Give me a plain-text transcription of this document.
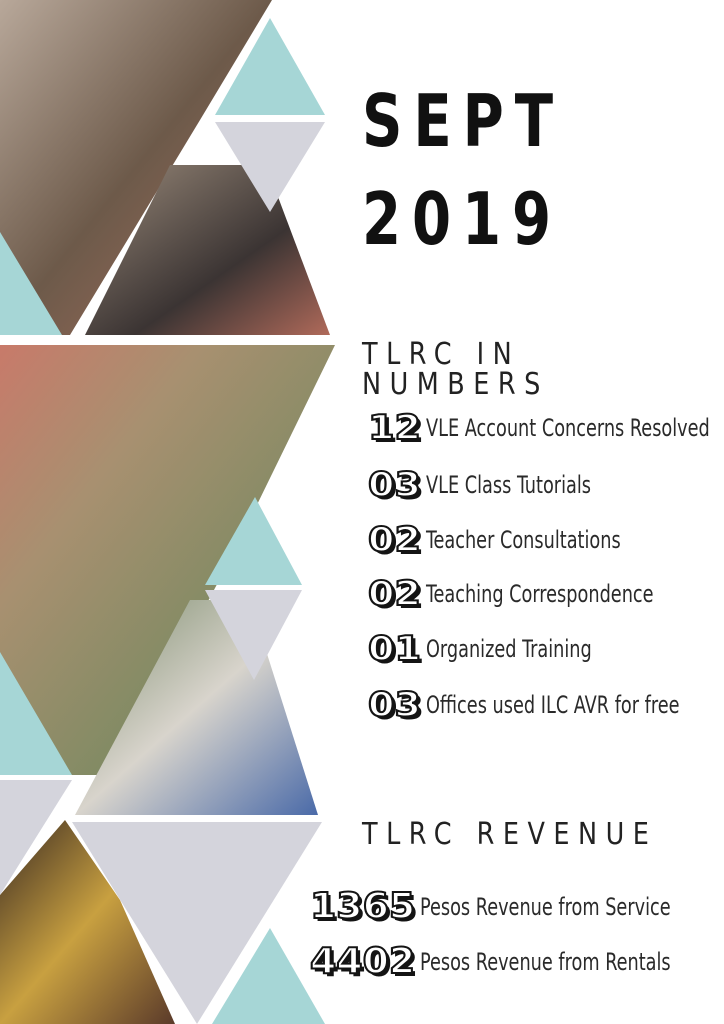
SEPT
2019
TLRC IN NUMBERS
12 VLE Account Concerns Resolved
03 VLE Class Tutorials
02 Teacher Consultations
02 Teaching Correspondence
01 Organized Training
03 Offices used ILC AVR for free
TLRC REVENUE
1365 Pesos Revenue from Service
4402 Pesos Revenue from Rentals
